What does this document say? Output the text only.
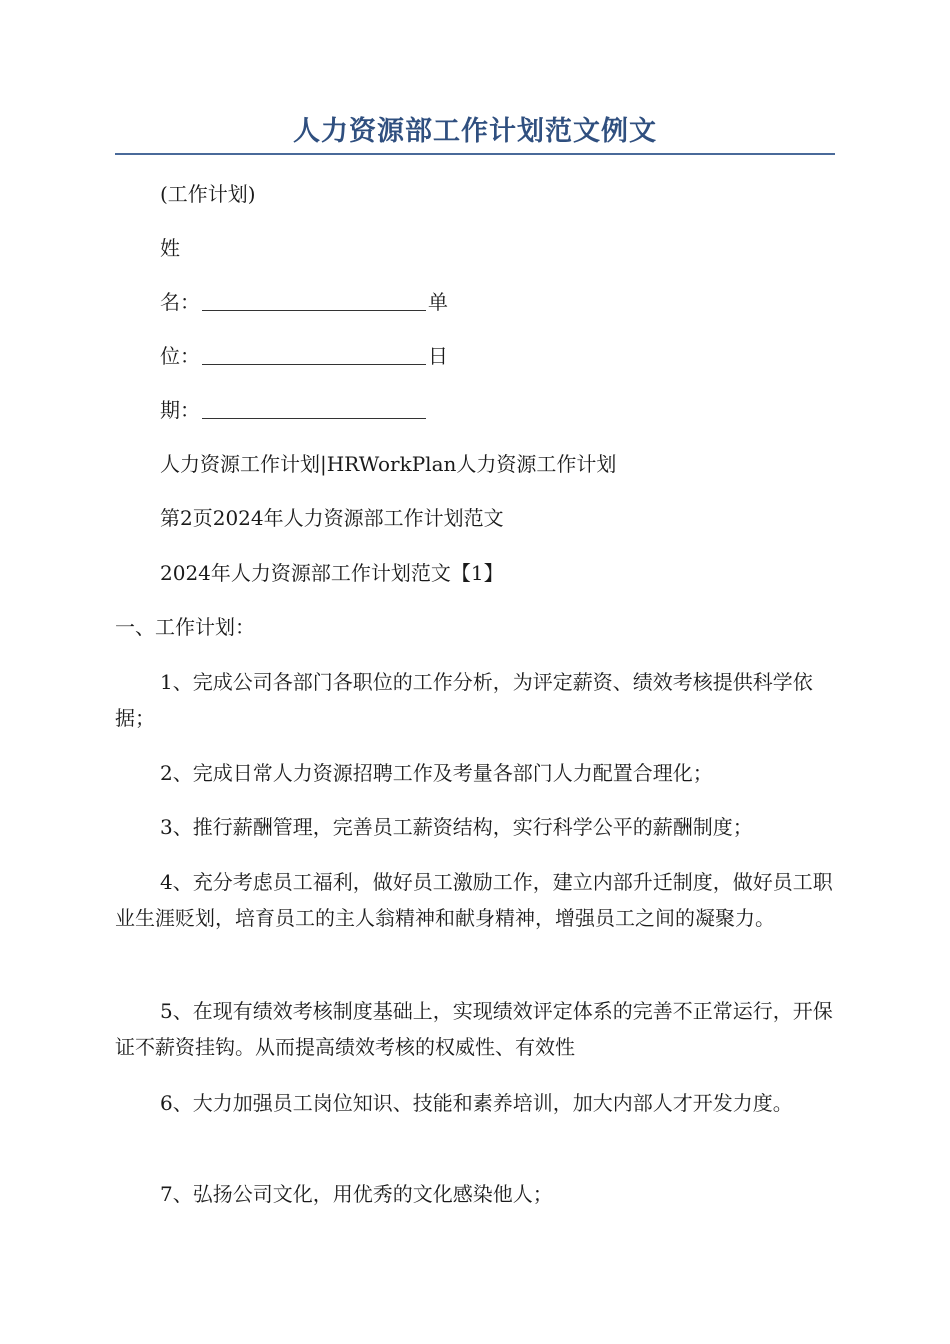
人力资源部工作计划范文例文
(工作计划)
姓
名：	单
位：	日
期：
人力资源工作计划|HRWorkPlan人力资源工作计划
第2页2024年人力资源部工作计划范文
2024年人力资源部工作计划范文【1】
一、工作计划：

1、完成公司各部门各职位的工作分析，为评定薪资、绩效考核提供科学依据；

2、完成日常人力资源招聘工作及考量各部门人力配置合理化；

3、推行薪酬管理，完善员工薪资结构，实行科学公平的薪酬制度；

4、充分考虑员工福利，做好员工激励工作，建立内部升迁制度，做好员工职业生涯贬划，培育员工的主人翁精神和献身精神，增强员工之间的凝聚力。

5、在现有绩效考核制度基础上，实现绩效评定体系的完善不正常运行，开保证不薪资挂钩。从而提高绩效考核的权威性、有效性

6、大力加强员工岗位知识、技能和素养培训，加大内部人才开发力度。

7、弘扬公司文化，用优秀的文化感染他人；
